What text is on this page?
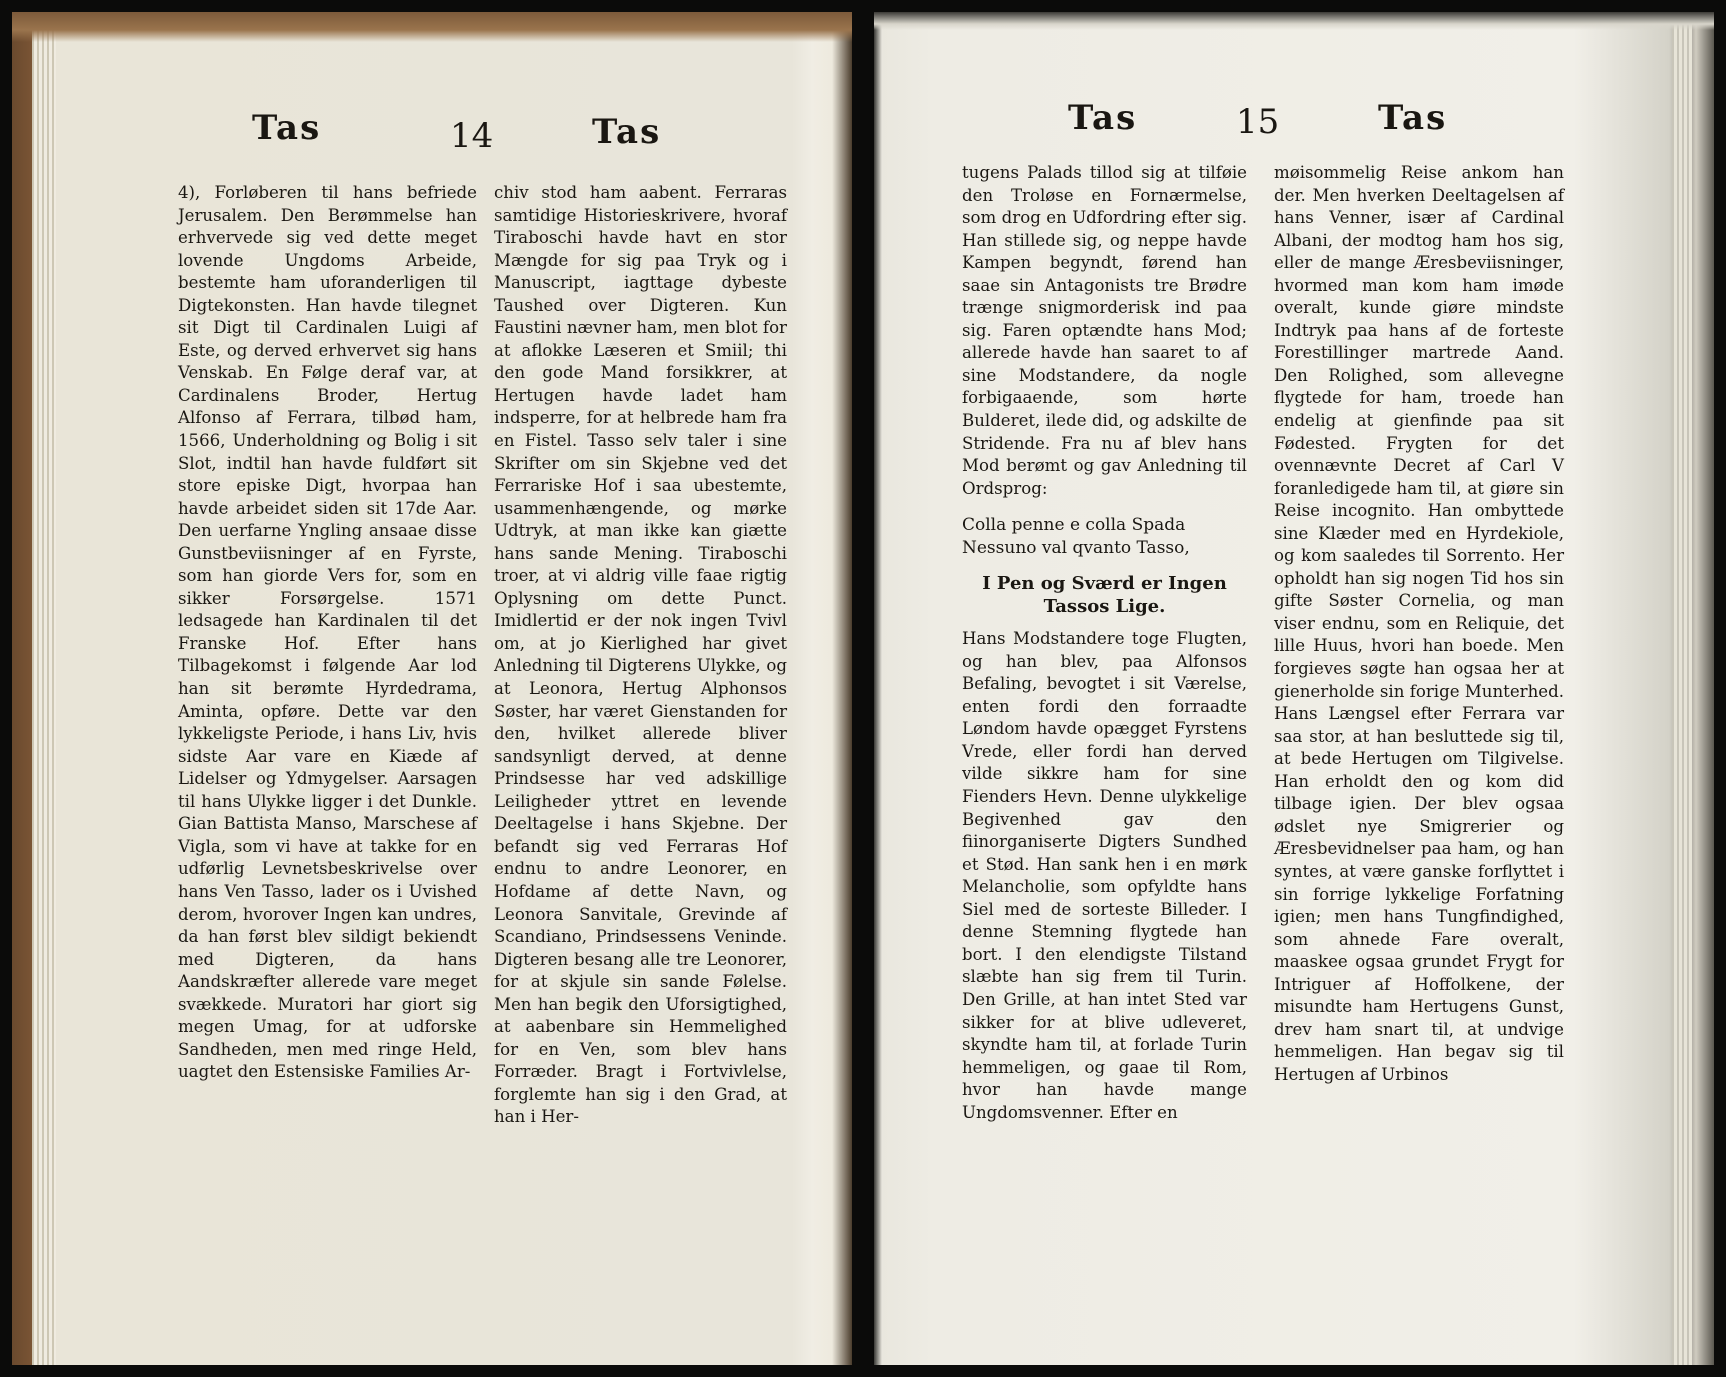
Tas	14	Tas
4), Forløberen til hans befriede Jerusalem. Den Berømmelse han erhvervede sig ved dette meget lovende Ungdoms Arbeide, bestemte ham uforanderligen til Digtekonsten. Han havde tilegnet sit Digt til Cardinalen Luigi af Este, og derved erhvervet sig hans Venskab. En Følge deraf var, at Cardinalens Broder, Hertug Alfonso af Ferrara, tilbød ham, 1566, Underholdning og Bolig i sit Slot, indtil han havde fuldført sit store episke Digt, hvorpaa han havde arbeidet siden sit 17de Aar. Den uerfarne Yngling ansaae disse Gunstbeviisninger af en Fyrste, som han giorde Vers for, som en sikker Forsørgelse. 1571 ledsagede han Kardinalen til det Franske Hof. Efter hans Tilbagekomst i følgende Aar lod han sit berømte Hyrdedrama, Aminta, opføre. Dette var den lykkeligste Periode, i hans Liv, hvis sidste Aar vare en Kiæde af Lidelser og Ydmygelser. Aarsagen til hans Ulykke ligger i det Dunkle. Gian Battista Manso, Marschese af Vigla, som vi have at takke for en udførlig Levnetsbeskrivelse over hans Ven Tasso, lader os i Uvished derom, hvorover Ingen kan undres, da han først blev sildigt bekiendt med Digteren, da hans Aandskræfter allerede vare meget svækkede. Muratori har giort sig megen Umag, for at udforske Sandheden, men med ringe Held, uagtet den Estensiske Families Ar-
chiv stod ham aabent. Ferraras samtidige Historieskrivere, hvoraf Tiraboschi havde havt en stor Mængde for sig paa Tryk og i Manuscript, iagttage dybeste Taushed over Digteren. Kun Faustini nævner ham, men blot for at aflokke Læseren et Smiil; thi den gode Mand forsikkrer, at Hertugen havde ladet ham indsperre, for at helbrede ham fra en Fistel. Tasso selv taler i sine Skrifter om sin Skjebne ved det Ferrariske Hof i saa ubestemte, usammenhængende, og mørke Udtryk, at man ikke kan giætte hans sande Mening. Tiraboschi troer, at vi aldrig ville faae rigtig Oplysning om dette Punct. Imidlertid er der nok ingen Tvivl om, at jo Kierlighed har givet Anledning til Digterens Ulykke, og at Leonora, Hertug Alphonsos Søster, har været Gienstanden for den, hvilket allerede bliver sandsynligt derved, at denne Prindsesse har ved adskillige Leiligheder yttret en levende Deeltagelse i hans Skjebne. Der befandt sig ved Ferraras Hof endnu to andre Leonorer, en Hofdame af dette Navn, og Leonora Sanvitale, Grevinde af Scandiano, Prindsessens Veninde. Digteren besang alle tre Leonorer, for at skjule sin sande Følelse. Men han begik den Uforsigtighed, at aabenbare sin Hemmelighed for en Ven, som blev hans Forræder. Bragt i Fortvivlelse, forglemte han sig i den Grad, at han i Her-
Tas	15	Tas

tugens Palads tillod sig at tilføie den Troløse en Fornærmelse, som drog en Udfordring efter sig. Han stillede sig, og neppe havde Kampen begyndt, førend han saae sin Antagonists tre Brødre trænge snigmorderisk ind paa sig. Faren optændte hans Mod; allerede havde han saaret to af sine Modstandere, da nogle forbigaaende, som hørte Bulderet, ilede did, og adskilte de Stridende. Fra nu af blev hans Mod berømt og gav Anledning til Ordsprog:

Colla penne e colla Spada
Nessuno val qvanto Tasso,
I Pen og Sværd er Ingen
Tassos Lige.

Hans Modstandere toge Flugten, og han blev, paa Alfonsos Befaling, bevogtet i sit Værelse, enten fordi den forraadte Løndom havde opægget Fyrstens Vrede, eller fordi han derved vilde sikkre ham for sine Fienders Hevn. Denne ulykkelige Begivenhed gav den fiinorganiserte Digters Sundhed et Stød. Han sank hen i en mørk Melancholie, som opfyldte hans Siel med de sorteste Billeder. I denne Stemning flygtede han bort. I den elendigste Tilstand slæbte han sig frem til Turin. Den Grille, at han intet Sted var sikker for at blive udleveret, skyndte ham til, at forlade Turin hemmeligen, og gaae til Rom, hvor han havde mange Ungdomsvenner. Efter en

møisommelig Reise ankom han der. Men hverken Deeltagelsen af hans Venner, især af Cardinal Albani, der modtog ham hos sig, eller de mange Æresbeviisninger, hvormed man kom ham imøde overalt, kunde giøre mindste Indtryk paa hans af de forteste Forestillinger martrede Aand. Den Rolighed, som allevegne flygtede for ham, troede han endelig at gienfinde paa sit Fødested. Frygten for det ovennævnte Decret af Carl V foranledigede ham til, at giøre sin Reise incognito. Han ombyttede sine Klæder med en Hyrdekiole, og kom saaledes til Sorrento. Her opholdt han sig nogen Tid hos sin gifte Søster Cornelia, og man viser endnu, som en Reliquie, det lille Huus, hvori han boede. Men forgieves søgte han ogsaa her at gienerholde sin forige Munterhed. Hans Længsel efter Ferrara var saa stor, at han besluttede sig til, at bede Hertugen om Tilgivelse. Han erholdt den og kom did tilbage igien. Der blev ogsaa ødslet nye Smigrerier og Æresbevidnelser paa ham, og han syntes, at være ganske forflyttet i sin forrige lykkelige Forfatning igien; men hans Tungfindighed, som ahnede Fare overalt, maaskee ogsaa grundet Frygt for Intriguer af Hoffolkene, der misundte ham Hertugens Gunst, drev ham snart til, at undvige hemmeligen. Han begav sig til Hertugen af Urbinos
